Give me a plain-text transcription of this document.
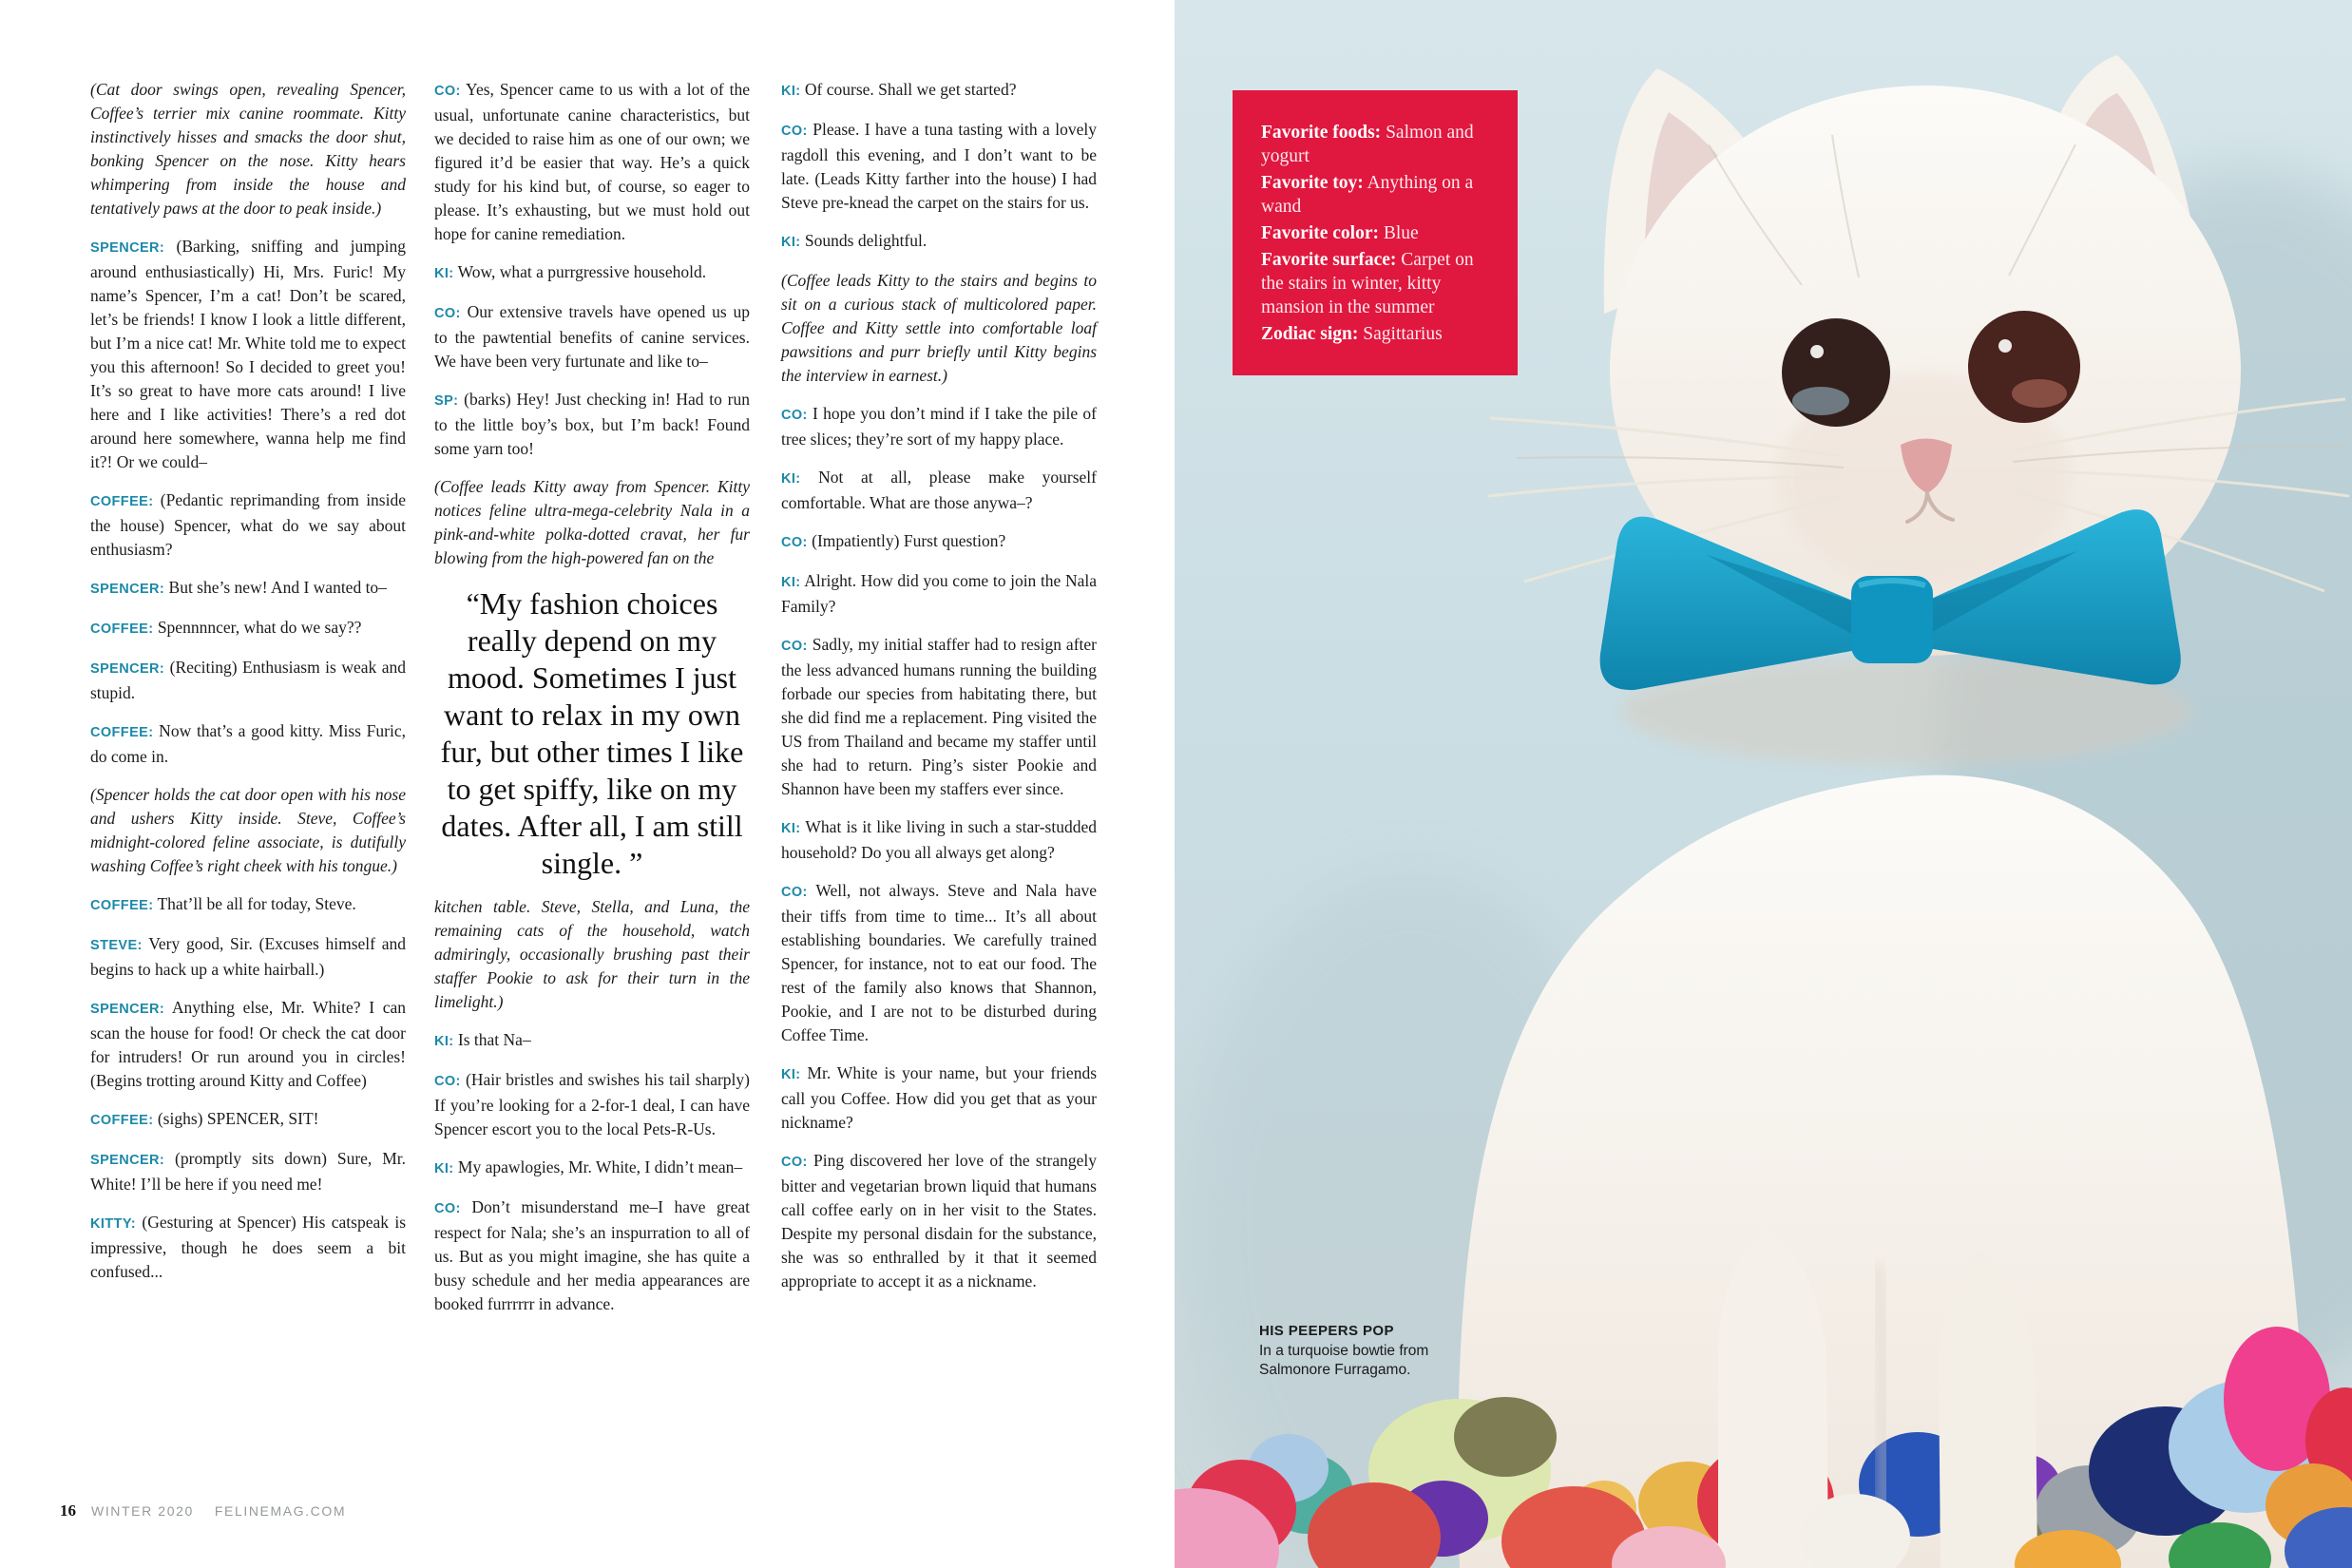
(Cat door swings open, revealing Spencer, Coffee’s terrier mix canine roommate. Kitty instinctively hisses and smacks the door shut, bonking Spencer on the nose. Kitty hears whimpering from inside the house and tentatively paws at the door to peak inside.)

SPENCER: (Barking, sniffing and jumping around enthusiastically) Hi, Mrs. Furic! My name’s Spencer, I’m a cat! Don’t be scared, let’s be friends! I know I look a little different, but I’m a nice cat! Mr. White told me to expect you this afternoon! So I decided to greet you! It’s so great to have more cats around! I live here and I like activities! There’s a red dot around here somewhere, wanna help me find it?! Or we could–

COFFEE: (Pedantic reprimanding from inside the house) Spencer, what do we say about enthusiasm?

SPENCER: But she’s new! And I wanted to–

COFFEE: Spennnncer, what do we say??

SPENCER: (Reciting) Enthusiasm is weak and stupid.

COFFEE: Now that’s a good kitty. Miss Furic, do come in.

(Spencer holds the cat door open with his nose and ushers Kitty inside. Steve, Coffee’s midnight-colored feline associate, is dutifully washing Coffee’s right cheek with his tongue.)

COFFEE: That’ll be all for today, Steve.

STEVE: Very good, Sir. (Excuses himself and begins to hack up a white hairball.)

SPENCER: Anything else, Mr. White? I can scan the house for food! Or check the cat door for intruders! Or run around you in circles! (Begins trotting around Kitty and Coffee)

COFFEE: (sighs) SPENCER, SIT!

SPENCER: (promptly sits down) Sure, Mr. White! I’ll be here if you need me!

KITTY: (Gesturing at Spencer) His catspeak is impressive, though he does seem a bit confused...

CO: Yes, Spencer came to us with a lot of the usual, unfortunate canine characteristics, but we decided to raise him as one of our own; we figured it’d be easier that way. He’s a quick study for his kind but, of course, so eager to please. It’s exhausting, but we must hold out hope for canine remediation.

KI: Wow, what a purrgressive household.

CO: Our extensive travels have opened us up to the pawtential benefits of canine services. We have been very furtunate and like to–

SP: (barks) Hey! Just checking in! Had to run to the little boy’s box, but I’m back! Found some yarn too!

(Coffee leads Kitty away from Spencer. Kitty notices feline ultra-mega-celebrity Nala in a pink-and-white polka-dotted cravat, her fur blowing from the high-powered fan on the

“My fashion choices really depend on my mood. Sometimes I just want to relax in my own fur, but other times I like to get spiffy, like on my dates. After all, I am still single. ”

kitchen table. Steve, Stella, and Luna, the remaining cats of the household, watch admiringly, occasionally brushing past their staffer Pookie to ask for their turn in the limelight.)

KI: Is that Na–

CO: (Hair bristles and swishes his tail sharply) If you’re looking for a 2-for-1 deal, I can have Spencer escort you to the local Pets-R-Us.

KI: My apawlogies, Mr. White, I didn’t mean–

CO: Don’t misunderstand me–I have great respect for Nala; she’s an inspurration to all of us. But as you might imagine, she has quite a busy schedule and her media appearances are booked furrrrrr in advance.

KI: Of course. Shall we get started?

CO: Please. I have a tuna tasting with a lovely ragdoll this evening, and I don’t want to be late. (Leads Kitty farther into the house) I had Steve pre-knead the carpet on the stairs for us.

KI: Sounds delightful.

(Coffee leads Kitty to the stairs and begins to sit on a curious stack of multicolored paper. Coffee and Kitty settle into comfortable loaf pawsitions and purr briefly until Kitty begins the interview in earnest.)

CO: I hope you don’t mind if I take the pile of tree slices; they’re sort of my happy place.

KI: Not at all, please make yourself comfortable. What are those anywa–?

CO: (Impatiently) Furst question?

KI: Alright. How did you come to join the Nala Family?

CO: Sadly, my initial staffer had to resign after the less advanced humans running the building forbade our species from habitating there, but she did find me a replacement. Ping visited the US from Thailand and became my staffer until she had to return. Ping’s sister Pookie and Shannon have been my staffers ever since.

KI: What is it like living in such a star-studded household? Do you all always get along?

CO: Well, not always. Steve and Nala have their tiffs from time to time... It’s all about establishing boundaries. We carefully trained Spencer, for instance, not to eat our food. The rest of the family also knows that Shannon, Pookie, and I are not to be disturbed during Coffee Time.

KI: Mr. White is your name, but your friends call you Coffee. How did you get that as your nickname?

CO: Ping discovered her love of the strangely bitter and vegetarian brown liquid that humans call coffee early on in her visit to the States. Despite my personal disdain for the substance, she was so enthralled by it that it seemed appropriate to accept it as a nickname.

16 WINTER 2020 FELINEMAG.COM
Favorite foods: Salmon and yogurt
Favorite toy: Anything on a wand
Favorite color: Blue
Favorite surface: Carpet on the stairs in winter, kitty mansion in the summer
Zodiac sign: Sagittarius
HIS PEEPERS POP
In a turquoise bowtie from Salmonore Furragamo.
